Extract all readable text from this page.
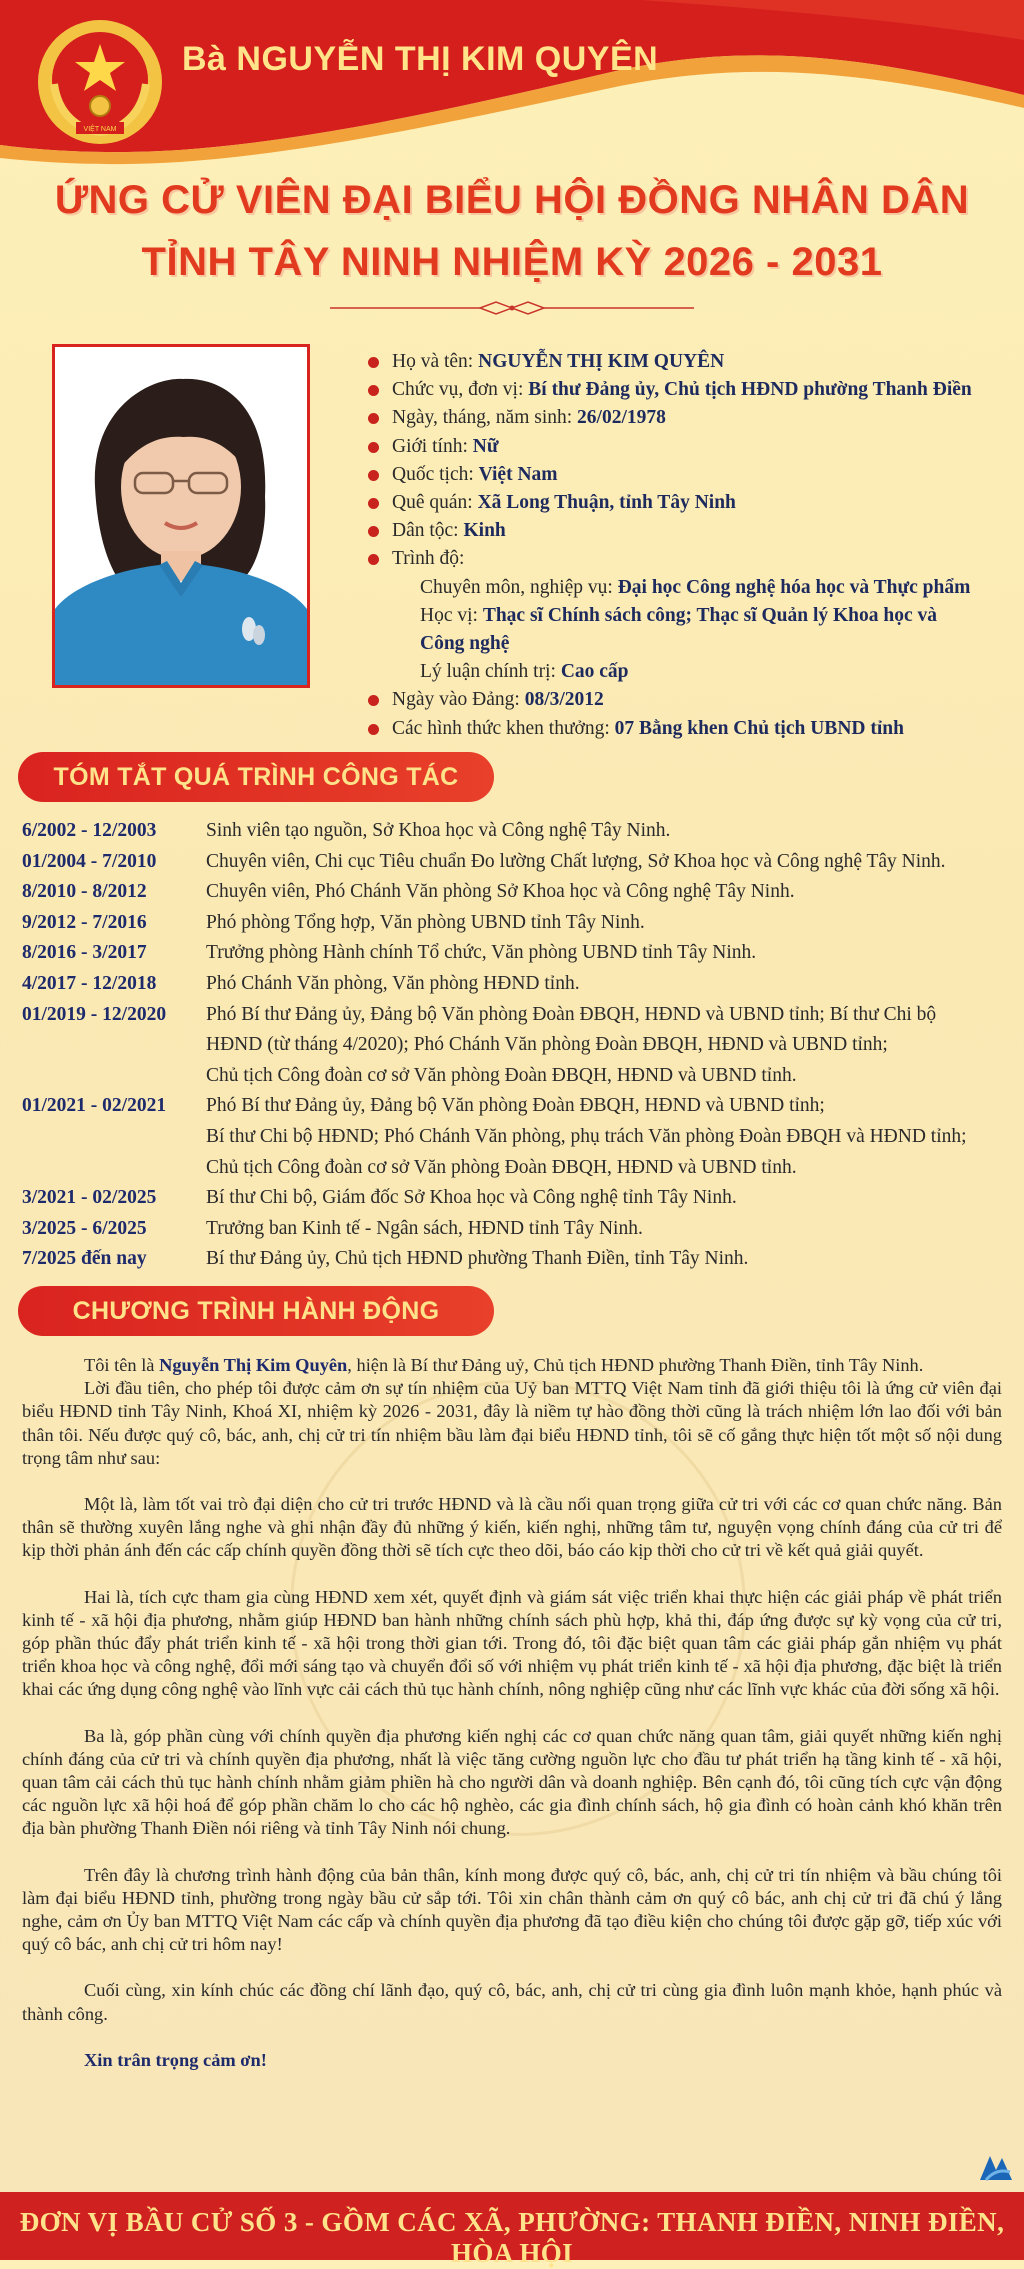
VIỆT NAM
Bà NGUYỄN THỊ KIM QUYÊN
ỨNG CỬ VIÊN ĐẠI BIỂU HỘI ĐỒNG NHÂN DÂN
TỈNH TÂY NINH NHIỆM KỲ 2026 - 2031
Họ và tên: NGUYỄN THỊ KIM QUYÊN
Chức vụ, đơn vị: Bí thư Đảng ủy, Chủ tịch HĐND phường Thanh Điền
Ngày, tháng, năm sinh: 26/02/1978
Giới tính: Nữ
Quốc tịch: Việt Nam
Quê quán: Xã Long Thuận, tỉnh Tây Ninh
Dân tộc: Kinh
Trình độ:
Chuyên môn, nghiệp vụ: Đại học Công nghệ hóa học và Thực phẩm
Học vị: Thạc sĩ Chính sách công; Thạc sĩ Quản lý Khoa học và Công nghệ
Lý luận chính trị: Cao cấp
Ngày vào Đảng: 08/3/2012
Các hình thức khen thưởng: 07 Bằng khen Chủ tịch UBND tỉnh
TÓM TẮT QUÁ TRÌNH CÔNG TÁC
6/2002 - 12/2003	Sinh viên tạo nguồn, Sở Khoa học và Công nghệ Tây Ninh.
01/2004 - 7/2010	Chuyên viên, Chi cục Tiêu chuẩn Đo lường Chất lượng, Sở Khoa học và Công nghệ Tây Ninh.
8/2010 - 8/2012	Chuyên viên, Phó Chánh Văn phòng Sở Khoa học và Công nghệ Tây Ninh.
9/2012 - 7/2016	Phó phòng Tổng hợp, Văn phòng UBND tỉnh Tây Ninh.
8/2016 - 3/2017	Trưởng phòng Hành chính Tổ chức, Văn phòng UBND tỉnh Tây Ninh.
4/2017 - 12/2018	Phó Chánh Văn phòng, Văn phòng HĐND tỉnh.
01/2019 - 12/2020	Phó Bí thư Đảng ủy, Đảng bộ Văn phòng Đoàn ĐBQH, HĐND và UBND tỉnh; Bí thư Chi bộ
HĐND (từ tháng 4/2020); Phó Chánh Văn phòng Đoàn ĐBQH, HĐND và UBND tỉnh;
Chủ tịch Công đoàn cơ sở Văn phòng Đoàn ĐBQH, HĐND và UBND tỉnh.
01/2021 - 02/2021	Phó Bí thư Đảng ủy, Đảng bộ Văn phòng Đoàn ĐBQH, HĐND và UBND tỉnh;
Bí thư Chi bộ HĐND; Phó Chánh Văn phòng, phụ trách Văn phòng Đoàn ĐBQH và HĐND tỉnh;
Chủ tịch Công đoàn cơ sở Văn phòng Đoàn ĐBQH, HĐND và UBND tỉnh.
3/2021 - 02/2025	Bí thư Chi bộ, Giám đốc Sở Khoa học và Công nghệ tỉnh Tây Ninh.
3/2025 - 6/2025	Trưởng ban Kinh tế - Ngân sách, HĐND tỉnh Tây Ninh.
7/2025 đến nay	Bí thư Đảng ủy, Chủ tịch HĐND phường Thanh Điền, tỉnh Tây Ninh.
CHƯƠNG TRÌNH HÀNH ĐỘNG

Tôi tên là Nguyễn Thị Kim Quyên, hiện là Bí thư Đảng uỷ, Chủ tịch HĐND phường Thanh Điền, tỉnh Tây Ninh.

Lời đầu tiên, cho phép tôi được cảm ơn sự tín nhiệm của Uỷ ban MTTQ Việt Nam tỉnh đã giới thiệu tôi là ứng cử viên đại biểu HĐND tỉnh Tây Ninh, Khoá XI, nhiệm kỳ 2026 - 2031, đây là niềm tự hào đồng thời cũng là trách nhiệm lớn lao đối với bản thân tôi. Nếu được quý cô, bác, anh, chị cử tri tín nhiệm bầu làm đại biểu HĐND tỉnh, tôi sẽ cố gắng thực hiện tốt một số nội dung trọng tâm như sau:

Một là, làm tốt vai trò đại diện cho cử tri trước HĐND và là cầu nối quan trọng giữa cử tri với các cơ quan chức năng. Bản thân sẽ thường xuyên lắng nghe và ghi nhận đầy đủ những ý kiến, kiến nghị, những tâm tư, nguyện vọng chính đáng của cử tri để kịp thời phản ánh đến các cấp chính quyền đồng thời sẽ tích cực theo dõi, báo cáo kịp thời cho cử tri về kết quả giải quyết.

Hai là, tích cực tham gia cùng HĐND xem xét, quyết định và giám sát việc triển khai thực hiện các giải pháp về phát triển kinh tế - xã hội địa phương, nhằm giúp HĐND ban hành những chính sách phù hợp, khả thi, đáp ứng được sự kỳ vọng của cử tri, góp phần thúc đẩy phát triển kinh tế - xã hội trong thời gian tới. Trong đó, tôi đặc biệt quan tâm các giải pháp gắn nhiệm vụ phát triển khoa học và công nghệ, đổi mới sáng tạo và chuyển đổi số với nhiệm vụ phát triển kinh tế - xã hội địa phương, đặc biệt là triển khai các ứng dụng công nghệ vào lĩnh vực cải cách thủ tục hành chính, nông nghiệp cũng như các lĩnh vực khác của đời sống xã hội.

Ba là, góp phần cùng với chính quyền địa phương kiến nghị các cơ quan chức năng quan tâm, giải quyết những kiến nghị chính đáng của cử tri và chính quyền địa phương, nhất là việc tăng cường nguồn lực cho đầu tư phát triển hạ tầng kinh tế - xã hội, quan tâm cải cách thủ tục hành chính nhằm giảm phiền hà cho người dân và doanh nghiệp. Bên cạnh đó, tôi cũng tích cực vận động các nguồn lực xã hội hoá để góp phần chăm lo cho các hộ nghèo, các gia đình chính sách, hộ gia đình có hoàn cảnh khó khăn trên địa bàn phường Thanh Điền nói riêng và tỉnh Tây Ninh nói chung.

Trên đây là chương trình hành động của bản thân, kính mong được quý cô, bác, anh, chị cử tri tín nhiệm và bầu chúng tôi làm đại biểu HĐND tỉnh, phường trong ngày bầu cử sắp tới. Tôi xin chân thành cảm ơn quý cô bác, anh chị cử tri đã chú ý lắng nghe, cảm ơn Ủy ban MTTQ Việt Nam các cấp và chính quyền địa phương đã tạo điều kiện cho chúng tôi được gặp gỡ, tiếp xúc với quý cô bác, anh chị cử tri hôm nay!

Cuối cùng, xin kính chúc các đồng chí lãnh đạo, quý cô, bác, anh, chị cử tri cùng gia đình luôn mạnh khỏe, hạnh phúc và thành công.

Xin trân trọng cảm ơn!

ĐƠN VỊ BẦU CỬ SỐ 3 - GỒM CÁC XÃ, PHƯỜNG: THANH ĐIỀN, NINH ĐIỀN, HÒA HỘI
